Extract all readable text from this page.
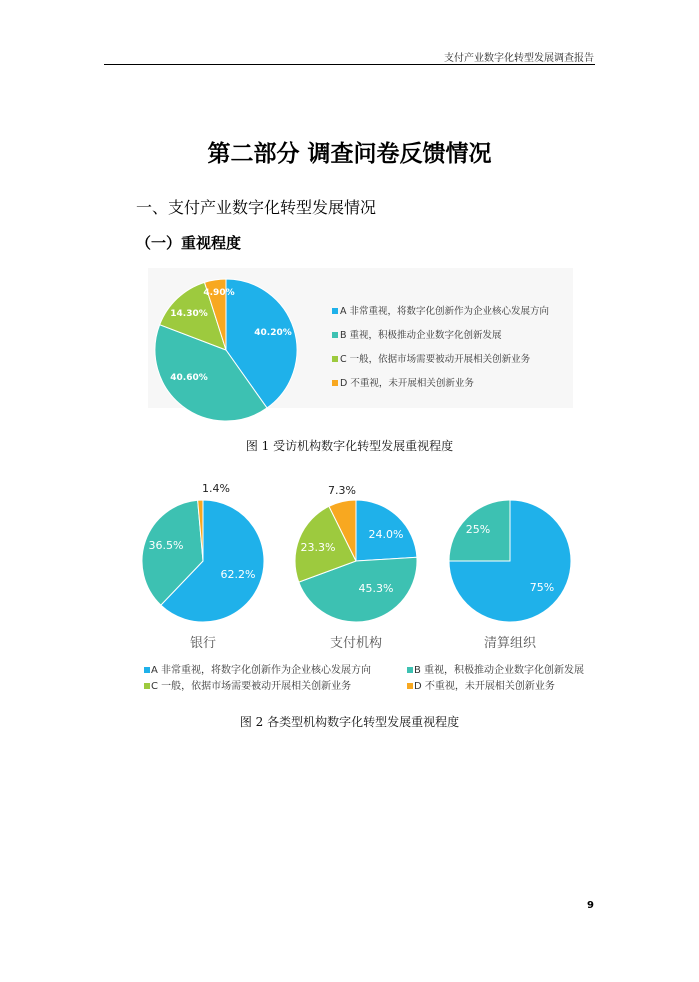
支付产业数字化转型发展调查报告
第二部分 调查问卷反馈情况
一、支付产业数字化转型发展情况
（一）重视程度
40.20%
40.60%
14.30%
4.90%
A 非常重视，将数字化创新作为企业核心发展方向
B 重视，积极推动企业数字化创新发展
C 一般，依据市场需要被动开展相关创新业务
D 不重视，未开展相关创新业务
62.2%
36.5%
1.4%
银行
24.0%
45.3%
23.3%
7.3%
支付机构
75%
25%
清算组织
A 非常重视，将数字化创新作为企业核心发展方向	B 重视，积极推动企业数字化创新发展
C 一般，依据市场需要被动开展相关创新业务	D 不重视，未开展相关创新业务
图 1 受访机构数字化转型发展重视程度
图 2 各类型机构数字化转型发展重视程度
9
